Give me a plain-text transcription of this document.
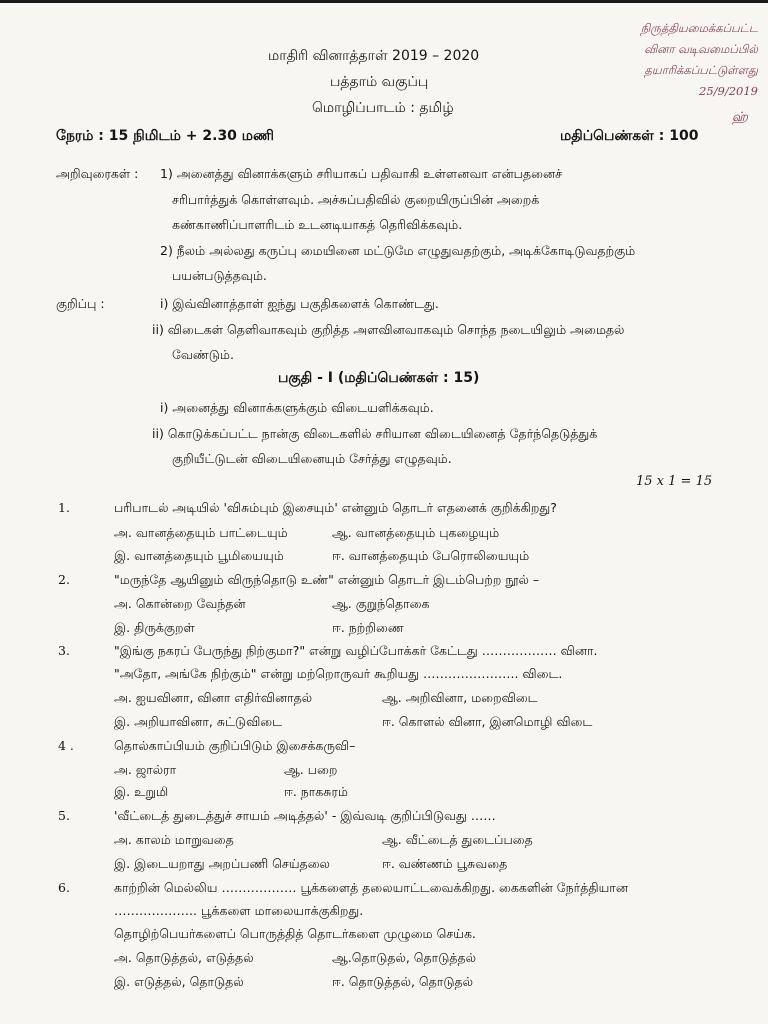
நிருத்தியமைக்கப்பட்ட
வினா வடிவமைப்பில்
தயாரிக்கப்பட்டுள்ளது
25/9/2019
ஹ்
மாதிரி வினாத்தாள் 2019 – 2020
பத்தாம் வகுப்பு
மொழிப்பாடம் : தமிழ்
நேரம் : 15 நிமிடம் + 2.30 மணி	மதிப்பெண்கள் : 100
அறிவுரைகள் : 1) அனைத்து வினாக்களும் சரியாகப் பதிவாகி உள்ளனவா என்பதனைச்
சரிபார்த்துக் கொள்ளவும். அச்சுப்பதிவில் குறையிருப்பின் அறைக்
கண்காணிப்பாளரிடம் உடனடியாகத் தெரிவிக்கவும்.
2) நீலம் அல்லது கருப்பு மையினை மட்டுமே எழுதுவதற்கும், அடிக்கோடிடுவதற்கும்
பயன்படுத்தவும்.
குறிப்பு :	i) இவ்வினாத்தாள் ஐந்து பகுதிகளைக் கொண்டது.
ii) விடைகள் தெளிவாகவும் குறித்த அளவினவாகவும் சொந்த நடையிலும் அமைதல்
வேண்டும்.
பகுதி - I (மதிப்பெண்கள் : 15)
i) அனைத்து வினாக்களுக்கும் விடையளிக்கவும்.
ii) கொடுக்கப்பட்ட நான்கு விடைகளில் சரியான விடையினைத் தேர்ந்தெடுத்துக்
குறியீட்டுடன் விடையினையும் சேர்த்து எழுதவும்.
15 x 1 = 15
1.	பரிபாடல் அடியில் 'விசும்பும் இசையும்' என்னும் தொடர் எதனைக் குறிக்கிறது?
அ. வானத்தையும் பாட்டையும்	ஆ. வானத்தையும் புகழையும்
இ. வானத்தையும் பூமியையும்	ஈ. வானத்தையும் பேரொலியையும்
2.	"மருந்தே ஆயினும் விருந்தொடு உண்" என்னும் தொடர் இடம்பெற்ற நூல் –
அ. கொன்றை வேந்தன்	ஆ. குறுந்தொகை
இ. திருக்குறள்	ஈ. நற்றிணை
3.	"இங்கு நகரப் பேருந்து நிற்குமா?" என்று வழிப்போக்கர் கேட்டது ……………… வினா.
"அதோ, அங்கே நிற்கும்" என்று மற்றொருவர் கூறியது ………………….. விடை.
அ. ஐயவினா, வினா எதிர்வினாதல்	ஆ. அறிவினா, மறைவிடை
இ. அறியாவினா, சுட்டுவிடை	ஈ. கொளல் வினா, இனமொழி விடை
4 .	தொல்காப்பியம் குறிப்பிடும் இசைக்கருவி–
அ. ஜால்ரா	ஆ. பறை
இ. உறுமி	ஈ. நாகசுரம்
5.	'வீட்டைத் துடைத்துச் சாயம் அடித்தல்' - இவ்வடி குறிப்பிடுவது ……
அ. காலம் மாறுவதை	ஆ. வீட்டைத் துடைப்பதை
இ. இடையறாது அறப்பணி செய்தலை	ஈ. வண்ணம் பூசுவதை
6.	காற்றின் மெல்லிய ……………… பூக்களைத் தலையாட்டவைக்கிறது. கைகளின் நேர்த்தியான
……………….. பூக்களை மாலையாக்குகிறது.
தொழிற்பெயர்களைப் பொருத்தித் தொடர்களை முழுமை செய்க.
அ. தொடுத்தல், எடுத்தல்	ஆ.தொடுதல், தொடுத்தல்
இ. எடுத்தல், தொடுதல்	ஈ. தொடுத்தல், தொடுதல்
